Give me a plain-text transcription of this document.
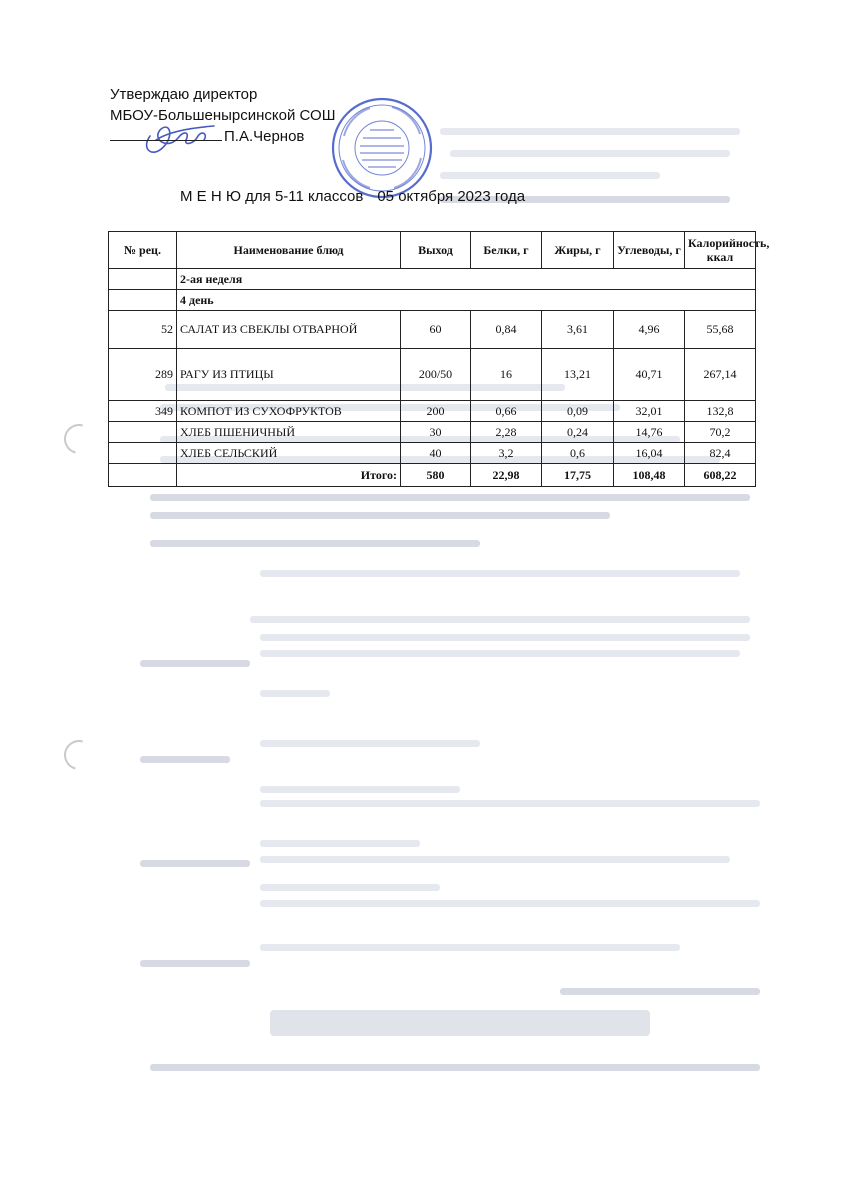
Утверждаю директор
МБОУ-Большенырсинской СОШ
П.А.Чернов
М Е Н Ю для 5-11 классов 05 октября 2023 года
№ рец.	Наименование блюд	Выход	Белки, г	Жиры, г	Углеводы, г	Калорийность, ккал
	2-ая неделя					
	4 день					
52	САЛАТ ИЗ СВЕКЛЫ ОТВАРНОЙ	60	0,84	3,61	4,96	55,68
289	РАГУ ИЗ ПТИЦЫ	200/50	16	13,21	40,71	267,14
349	КОМПОТ ИЗ СУХОФРУКТОВ	200	0,66	0,09	32,01	132,8
	ХЛЕБ ПШЕНИЧНЫЙ	30	2,28	0,24	14,76	70,2
	ХЛЕБ СЕЛЬСКИЙ	40	3,2	0,6	16,04	82,4
	Итого:	580	22,98	17,75	108,48	608,22
